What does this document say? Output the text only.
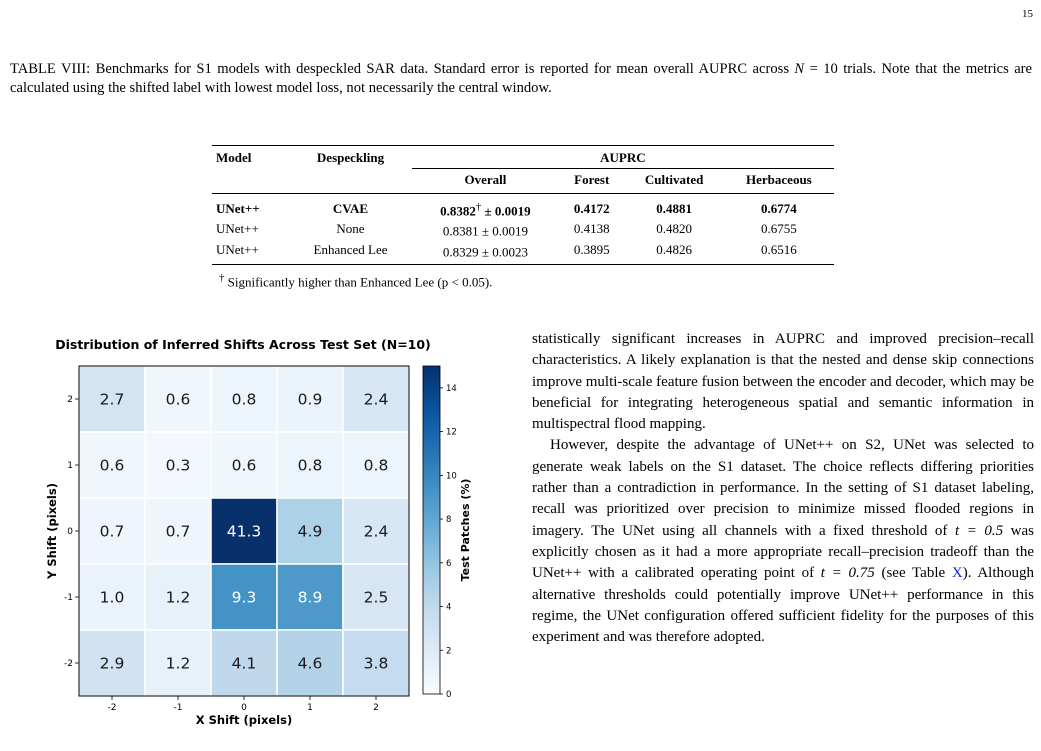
15
TABLE VIII: Benchmarks for S1 models with despeckled SAR data. Standard error is reported for mean overall AUPRC across N = 10 trials. Note that the metrics are calculated using the shifted label with lowest model loss, not necessarily the central window.
Model	Despeckling	AUPRC			
		Overall	Forest	Cultivated	Herbaceous
UNet++	CVAE	0.8382† ± 0.0019	0.4172	0.4881	0.6774
UNet++	None	0.8381 ± 0.0019	0.4138	0.4820	0.6755
UNet++	Enhanced Lee	0.8329 ± 0.0023	0.3895	0.4826	0.6516
† Significantly higher than Enhanced Lee (p < 0.05).
Distribution of Inferred Shifts Across Test Set (N=10)
2.7	0.6	0.8	0.9	2.4
0.6	0.3	0.6	0.8	0.8
0.7	0.7 41.3 4.9	2.4
1.0	1.2	9.3	8.9	2.5
2.9	1.2	4.1	4.6	3.8
-2	-1	0	1	2
2
1
0
-1
-2
X Shift (pixels)
Y Shift (pixels)
0
2
4
6
8
10
12
14
Test Patches (%)

statistically significant increases in AUPRC and improved precision–recall characteristics. A likely explanation is that the nested and dense skip connections improve multi-scale feature fusion between the encoder and decoder, which may be beneficial for integrating heterogeneous spatial and semantic information in multispectral flood mapping.

However, despite the advantage of UNet++ on S2, UNet was selected to generate weak labels on the S1 dataset. The choice reflects differing priorities rather than a contradiction in performance. In the setting of S1 dataset labeling, recall was prioritized over precision to minimize missed flooded regions in imagery. The UNet using all channels with a fixed threshold of t = 0.5 was explicitly chosen as it had a more appropriate recall–precision tradeoff than the UNet++ with a calibrated operating point of t = 0.75 (see Table X). Although alternative thresholds could potentially improve UNet++ performance in this regime, the UNet configuration offered sufficient fidelity for the purposes of this experiment and was therefore adopted.
